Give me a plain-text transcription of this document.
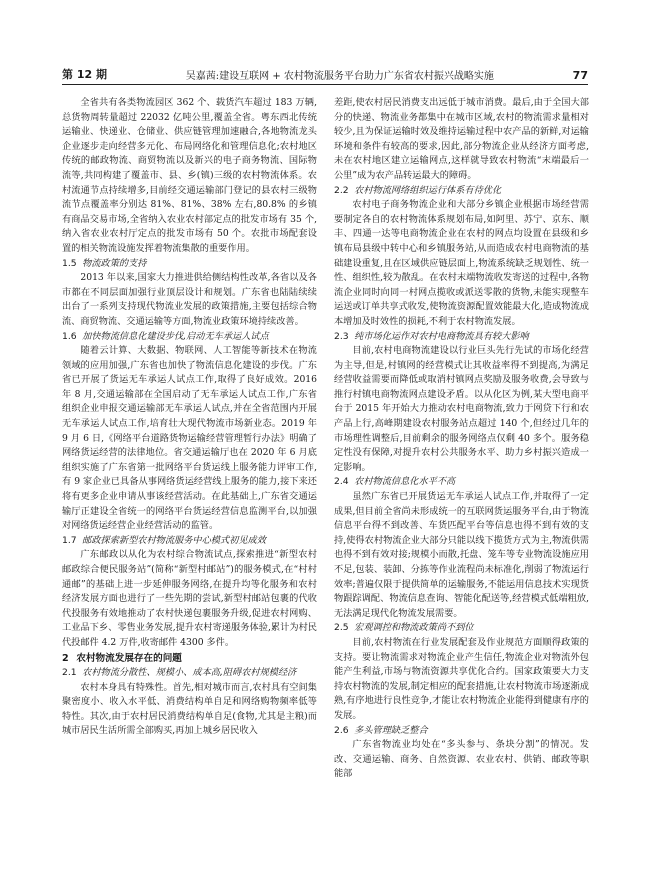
第 12 期	吴嘉茜:建设互联网 + 农村物流服务平台助力广东省农村振兴战略实施	77

全省共有各类物流园区 362 个、载货汽车超过 183 万辆,总货物周转量超过 22032 亿吨公里,覆盖全省。粤东西北传统运输业、快递业、仓储业、供应链管理加速融合,各地物流龙头企业逐步走向经营多元化、布局网络化和管理信息化;农村地区传统的邮政物流、商贸物流以及新兴的电子商务物流、国际物流等,共同构建了覆盖市、县、乡(镇)三级的农村物流体系。农村流通节点持续增多,目前经交通运输部门登记的县农村三级物流节点覆盖率分别达 81%、81%、38% 左右,80.8% 的乡镇有商品交易市场,全省纳入农业农村部定点的批发市场有 35 个,纳入省农业农村厅定点的批发市场有 50 个。农批市场配套设置的相关物流设施发挥着物流集散的重要作用。

1.5 物流政策的支持

2013 年以来,国家大力推进供给侧结构性改革,各省以及各市都在不同层面加强行业顶层设计和规划。广东省也陆陆续续出台了一系列支持现代物流业发展的政策措施,主要包括综合物流、商贸物流、交通运输等方面,物流业政策环境持续改善。

1.6 加快物流信息化建设步伐,启动无车承运人试点

随着云计算、大数据、物联网、人工智能等新技术在物流领域的应用加强,广东省也加快了物流信息化建设的步伐。广东省已开展了货运无车承运人试点工作,取得了良好成效。2016 年 8 月,交通运输部在全国启动了无车承运人试点工作,广东省组织企业申报交通运输部无车承运人试点,并在全省范围内开展无车承运人试点工作,培育壮大现代物流市场新业态。2019 年 9 月 6 日,《网络平台道路货物运输经营管理暂行办法》明确了网络货运经营的法律地位。省交通运输厅也在 2020 年 6 月底组织实施了广东省第一批网络平台货运线上服务能力评审工作,有 9 家企业已具备从事网络货运经营线上服务的能力,接下来还将有更多企业申请从事该经营活动。在此基础上,广东省交通运输厅正建设全省统一的网络平台货运经营信息监测平台,以加强对网络货运经营企业经营活动的监管。

1.7 邮政探索新型农村物流服务中心模式初见成效

广东邮政以从化为农村综合物流试点,探索推进“新型农村邮政综合便民服务站”(简称“新型村邮站”)的服务模式,在“村村通邮”的基础上进一步延伸服务网络,在提升均等化服务和农村经济发展方面也进行了一些先期的尝试,新型村邮站包裹的代收代投服务有效地推动了农村快递包裹服务升级,促进农村网购、工业品下乡、零售业务发展,提升农村寄递服务体验,累计为村民代投邮件 4.2 万件,收寄邮件 4300 多件。

2 农村物流发展存在的问题
2.1 农村物流分散性、规模小、成本高,阻碍农村规模经济

农村本身具有特殊性。首先,相对城市而言,农村具有空间集聚密度小、收入水平低、消费结构单自足和网络购物频率低等特性。其次,由于农村居民消费结构单自足(食物,尤其是主粮)而城市居民生活所需全部购买,再加上城乡居民收入

差距,使农村居民消费支出远低于城市消费。最后,由于全国大部分的快递、物流业务都集中在城市区域,农村的物流需求量相对较少,且为保证运输时效及维持运输过程中农产品的新鲜,对运输环境和条件有较高的要求,因此,部分物流企业从经济方面考虑,未在农村地区建立运输网点,这样就导致农村物流“末端最后一公里”成为农产品转运最大的障碍。

2.2 农村物流网络组织运行体系有待优化

农村电子商务物流企业和大部分乡镇企业根据市场经营需要制定各自的农村物流体系规划布局,如阿里、苏宁、京东、顺丰、四通一达等电商物流企业在农村的网点均设置在县级和乡镇布局县级中转中心和乡镇服务站,从而造成农村电商物流的基础建设重复,且在区域供应链层面上,物流系统缺乏规划性、统一性、组织性,较为散乱。在农村末端物流收发寄送的过程中,各物流企业同时向同一村网点揽收或派送零散的货物,未能实现整车运送或订单共享式收发,使物流资源配置效能最大化,造成物流成本增加及时效性的损耗,不利于农村物流发展。

2.3 纯市场化运作对农村电商物流具有较大影响

目前,农村电商物流建设以行业巨头先行先试的市场化经营为主导,但是,村镇网的经营模式让其收益率得不到提高,为满足经营收益需要而降低或取消村镇网点奖励及服务收费,会导致与推行村镇电商物流网点建设矛盾。以从化区为例,某大型电商平台于 2015 年开始大力推动农村电商物流,致力于网贷下行和农产品上行,高峰期建设农村服务站点超过 140 个,但经过几年的市场理性调整后,目前剩余的服务网络点仅剩 40 多个。服务稳定性没有保障,对提升农村公共服务水平、助力乡村振兴造成一定影响。

2.4 农村物流信息化水平不高

虽然广东省已开展货运无车承运人试点工作,并取得了一定成果,但目前全省尚未形成统一的互联网货运服务平台,由于物流信息平台得不到改善、车货匹配平台等信息也得不到有效的支持,使得农村物流企业大部分只能以线下揽货方式为主,物流供需也得不到有效对接;规模小而散,托盘、笼车等专业物流设施应用不足,包装、装卸、分拣等作业流程尚未标准化,削弱了物流运行效率;普遍仅限于提供简单的运输服务,不能运用信息技术实现货物跟踪调配、物流信息查询、智能化配送等,经营模式低端粗放,无法满足现代化物流发展需要。

2.5 宏观调控和物流政策尚不到位

目前,农村物流在行业发展配套及作业规范方面顺得政策的支持。要让物流需求对物流企业产生信任,物流企业对物流外包能产生利益,市场与物流资源共享优化合约。国家政策要大力支持农村物流的发展,制定相应的配套措施,让农村物流市场逐渐成熟,有序地进行良性竞争,才能让农村物流企业能得到健康有序的发展。

2.6 多头管理缺乏整合

广东省物流业均处在“多头参与、条块分割”的情况。发改、交通运输、商务、自然资源、农业农村、供销、邮政等职能部
